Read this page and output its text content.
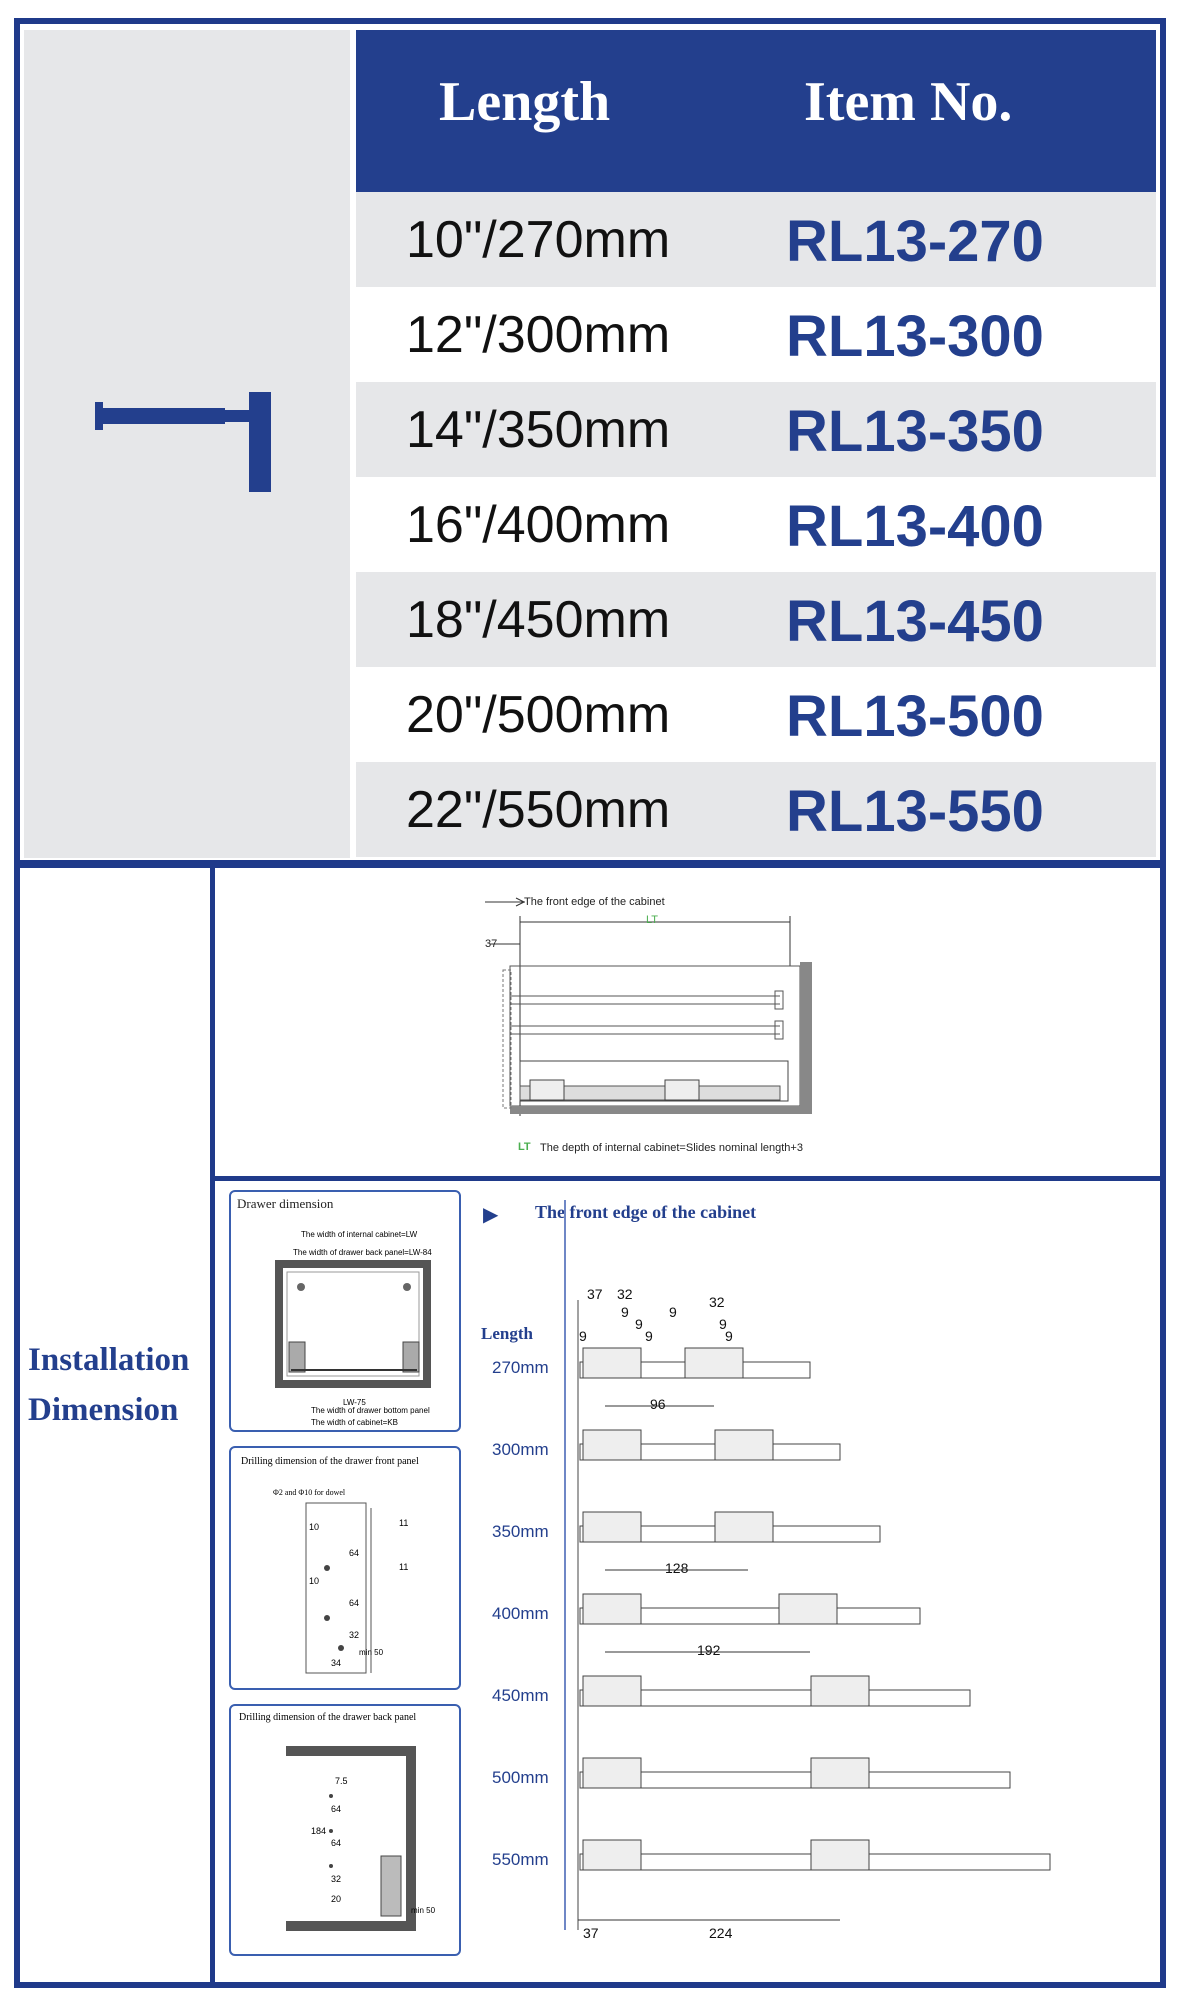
Length	Item No.
10"/270mm RL13-270
12"/300mm RL13-300
14"/350mm RL13-350
16"/400mm RL13-400
18"/450mm RL13-450
20"/500mm RL13-500
22"/550mm RL13-550
Installation
Dimension
The front edge of the cabinet
LT
37
LT The depth of internal cabinet=Slides nominal length+3
Drawer dimension
The width of internal cabinet=LW
The width of drawer back panel=LW-84
LW-75
The width of drawer bottom panel
The width of cabinet=KB
Drilling dimension of the drawer front panel
Φ2 and Φ10 for dowel
10
10
64
64
32
11
11
34
min 50
Drilling dimension of the drawer back panel
7.5
184
64
64
32
20
min 50
The front edge of the cabinet
▶
Length
270mm
300mm
350mm
400mm
450mm
500mm
550mm
37 32
9
9
9
9
9
32
9
9
96
128
192
37	224
